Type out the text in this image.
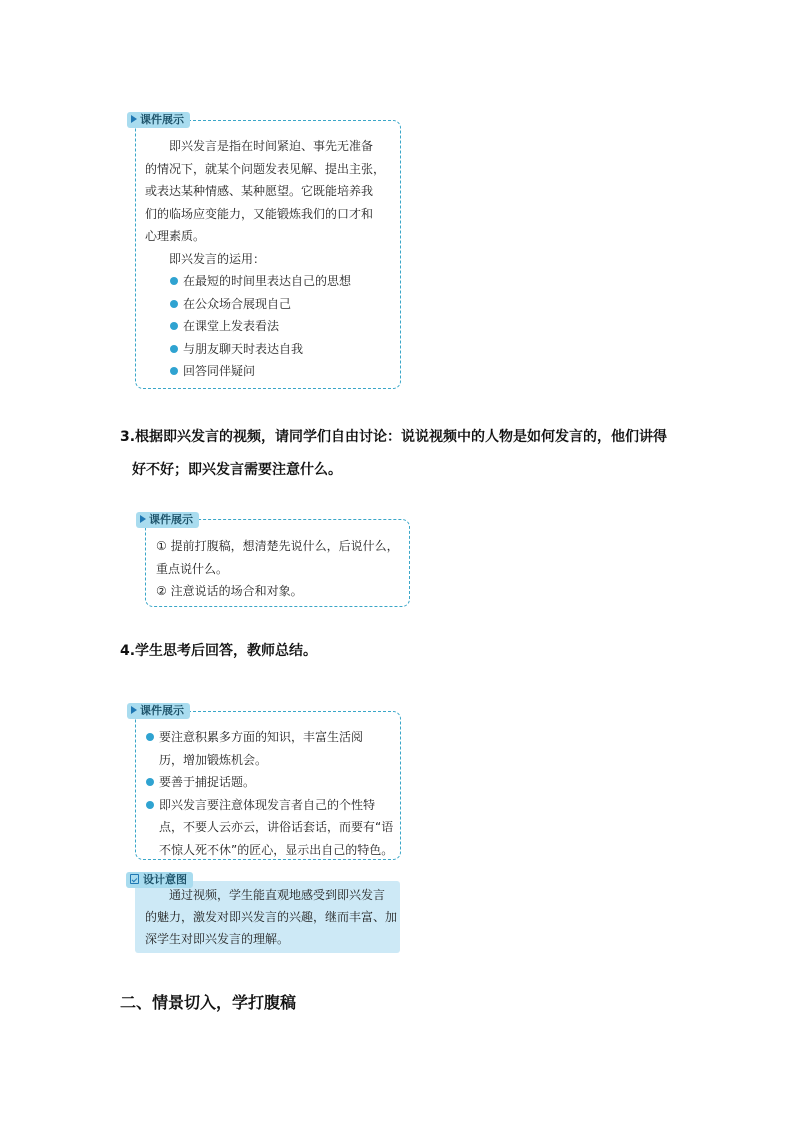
课件展示

即兴发言是指在时间紧迫、事先无准备

的情况下，就某个问题发表见解、提出主张，

或表达某种情感、某种愿望。它既能培养我

们的临场应变能力，又能锻炼我们的口才和

心理素质。

即兴发言的运用：

在最短的时间里表达自己的思想
在公众场合展现自己
在课堂上发表看法
与朋友聊天时表达自我
回答同伴疑问
3.根据即兴发言的视频，请同学们自由讨论：说说视频中的人物是如何发言的，他们讲得
好不好；即兴发言需要注意什么。
课件展示
① 提前打腹稿，想清楚先说什么，后说什么，
重点说什么。
② 注意说话的场合和对象。
4.学生思考后回答，教师总结。
课件展示
要注意积累多方面的知识，丰富生活阅
历，增加锻炼机会。
要善于捕捉话题。
即兴发言要注意体现发言者自己的个性特
点，不要人云亦云，讲俗话套话，而要有“语
不惊人死不休”的匠心，显示出自己的特色。
设计意图
通过视频，学生能直观地感受到即兴发言
的魅力，激发对即兴发言的兴趣，继而丰富、加
深学生对即兴发言的理解。
二、情景切入，学打腹稿
